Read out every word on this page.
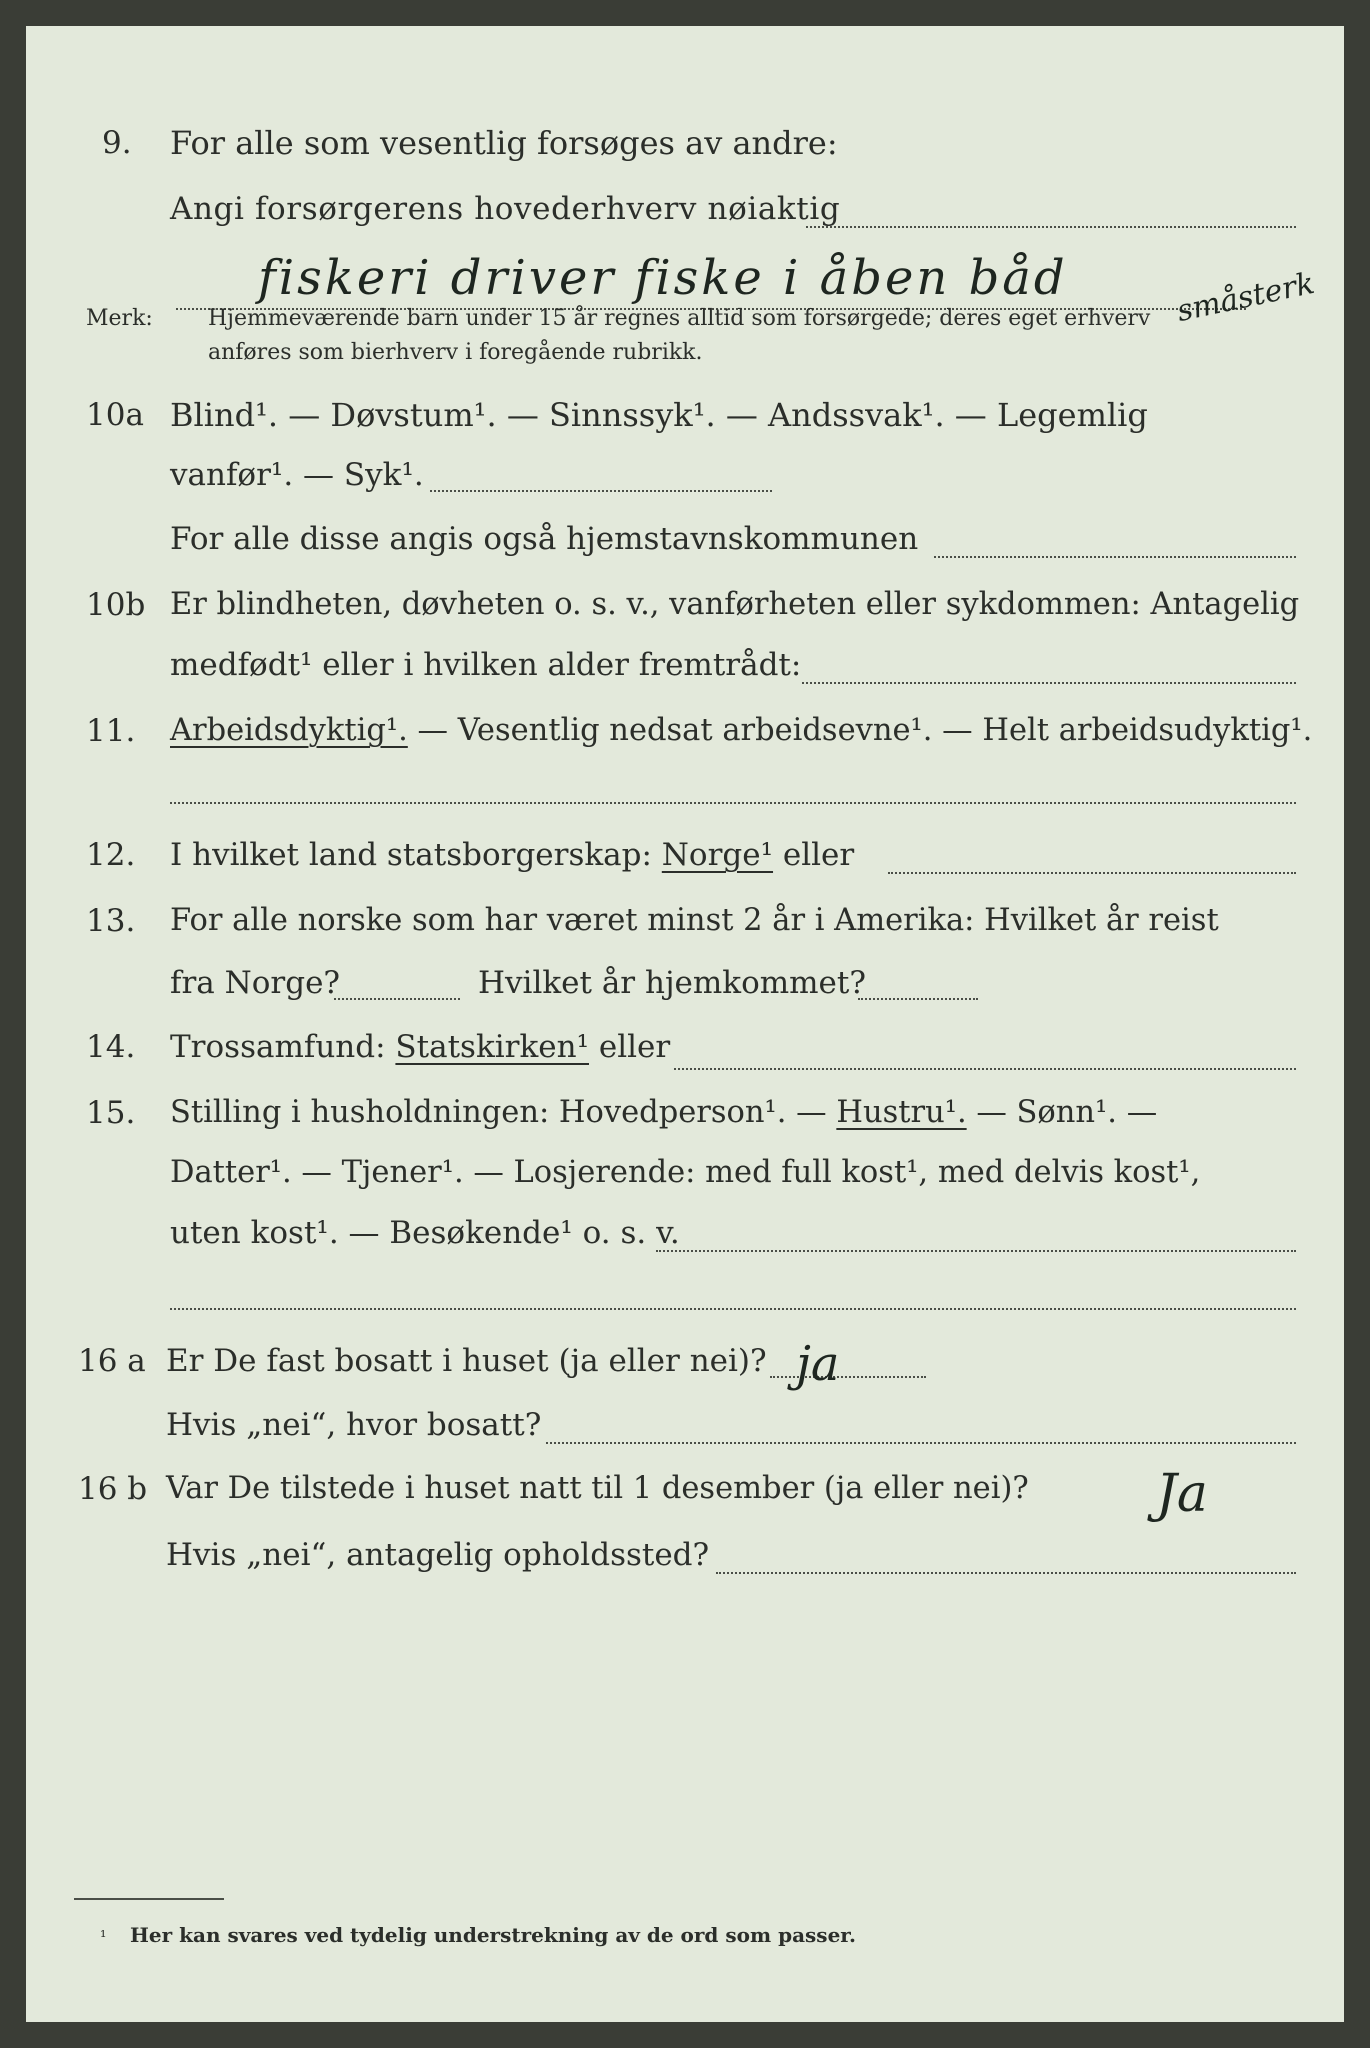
9. For alle som vesentlig forsøges av andre:
Angi forsørgerens hovederhverv nøiaktig
fiskeri driver fiske i åben båd	småsterk
Merk:	Hjemmeværende barn under 15 år regnes alltid som forsørgede; deres eget erhverv
anføres som bierhverv i foregående rubrikk.
10a Blind¹. — Døvstum¹. — Sinnssyk¹. — Andssvak¹. — Legemlig
vanfør¹. — Syk¹.
For alle disse angis også hjemstavnskommunen
10b Er blindheten, døvheten o. s. v., vanførheten eller sykdommen: Antagelig
medfødt¹ eller i hvilken alder fremtrådt:
11. Arbeidsdyktig¹. — Vesentlig nedsat arbeidsevne¹. — Helt arbeidsudyktig¹.
12. I hvilket land statsborgerskap: Norge¹ eller
13. For alle norske som har været minst 2 år i Amerika: Hvilket år reist
fra Norge?	Hvilket år hjemkommet?
14. Trossamfund: Statskirken¹ eller
15. Stilling i husholdningen: Hovedperson¹. — Hustru¹. — Sønn¹. —
Datter¹. — Tjener¹. — Losjerende: med full kost¹, med delvis kost¹,
uten kost¹. — Besøkende¹ o. s. v.
16 a Er De fast bosatt i huset (ja eller nei)? ja
Hvis „nei“, hvor bosatt?
16 b Var De tilstede i huset natt til 1 desember (ja eller nei)? Ja
Hvis „nei“, antagelig opholdssted?
¹ Her kan svares ved tydelig understrekning av de ord som passer.
